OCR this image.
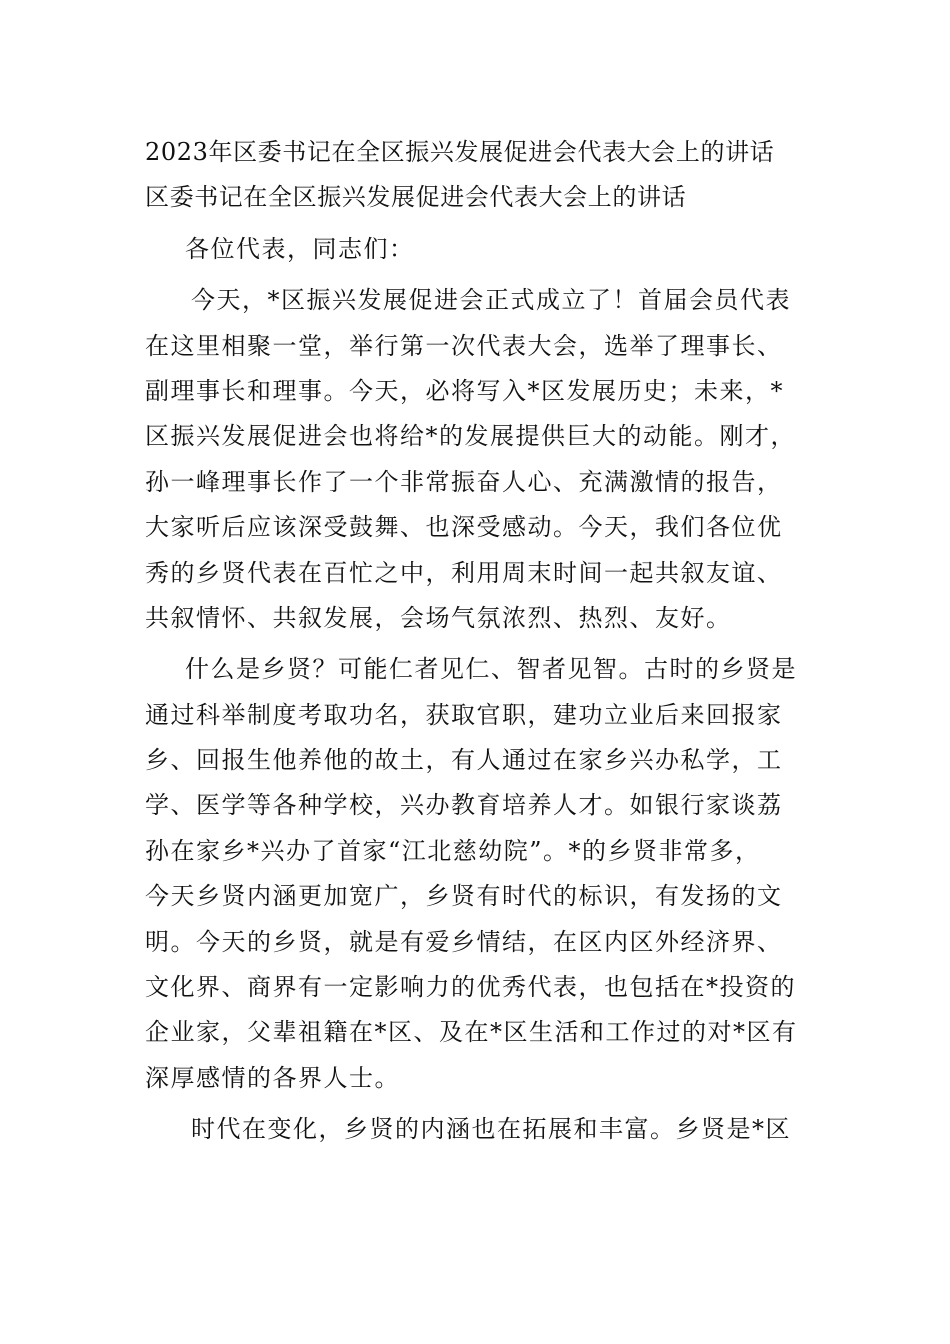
2023年区委书记在全区振兴发展促进会代表大会上的讲话
区委书记在全区振兴发展促进会代表大会上的讲话
各位代表，同志们：
今天，*区振兴发展促进会正式成立了！首届会员代表
在这里相聚一堂，举行第一次代表大会，选举了理事长、
副理事长和理事。今天，必将写入*区发展历史；未来，*
区振兴发展促进会也将给*的发展提供巨大的动能。刚才，
孙一峰理事长作了一个非常振奋人心、充满激情的报告，
大家听后应该深受鼓舞、也深受感动。今天，我们各位优
秀的乡贤代表在百忙之中，利用周末时间一起共叙友谊、
共叙情怀、共叙发展，会场气氛浓烈、热烈、友好。
什么是乡贤？可能仁者见仁、智者见智。古时的乡贤是
通过科举制度考取功名，获取官职，建功立业后来回报家
乡、回报生他养他的故土，有人通过在家乡兴办私学，工
学、医学等各种学校，兴办教育培养人才。如银行家谈荔
孙在家乡*兴办了首家“江北慈幼院”。*的乡贤非常多，
今天乡贤内涵更加宽广，乡贤有时代的标识，有发扬的文
明。今天的乡贤，就是有爱乡情结，在区内区外经济界、
文化界、商界有一定影响力的优秀代表，也包括在*投资的
企业家，父辈祖籍在*区、及在*区生活和工作过的对*区有
深厚感情的各界人士。
时代在变化，乡贤的内涵也在拓展和丰富。乡贤是*区
